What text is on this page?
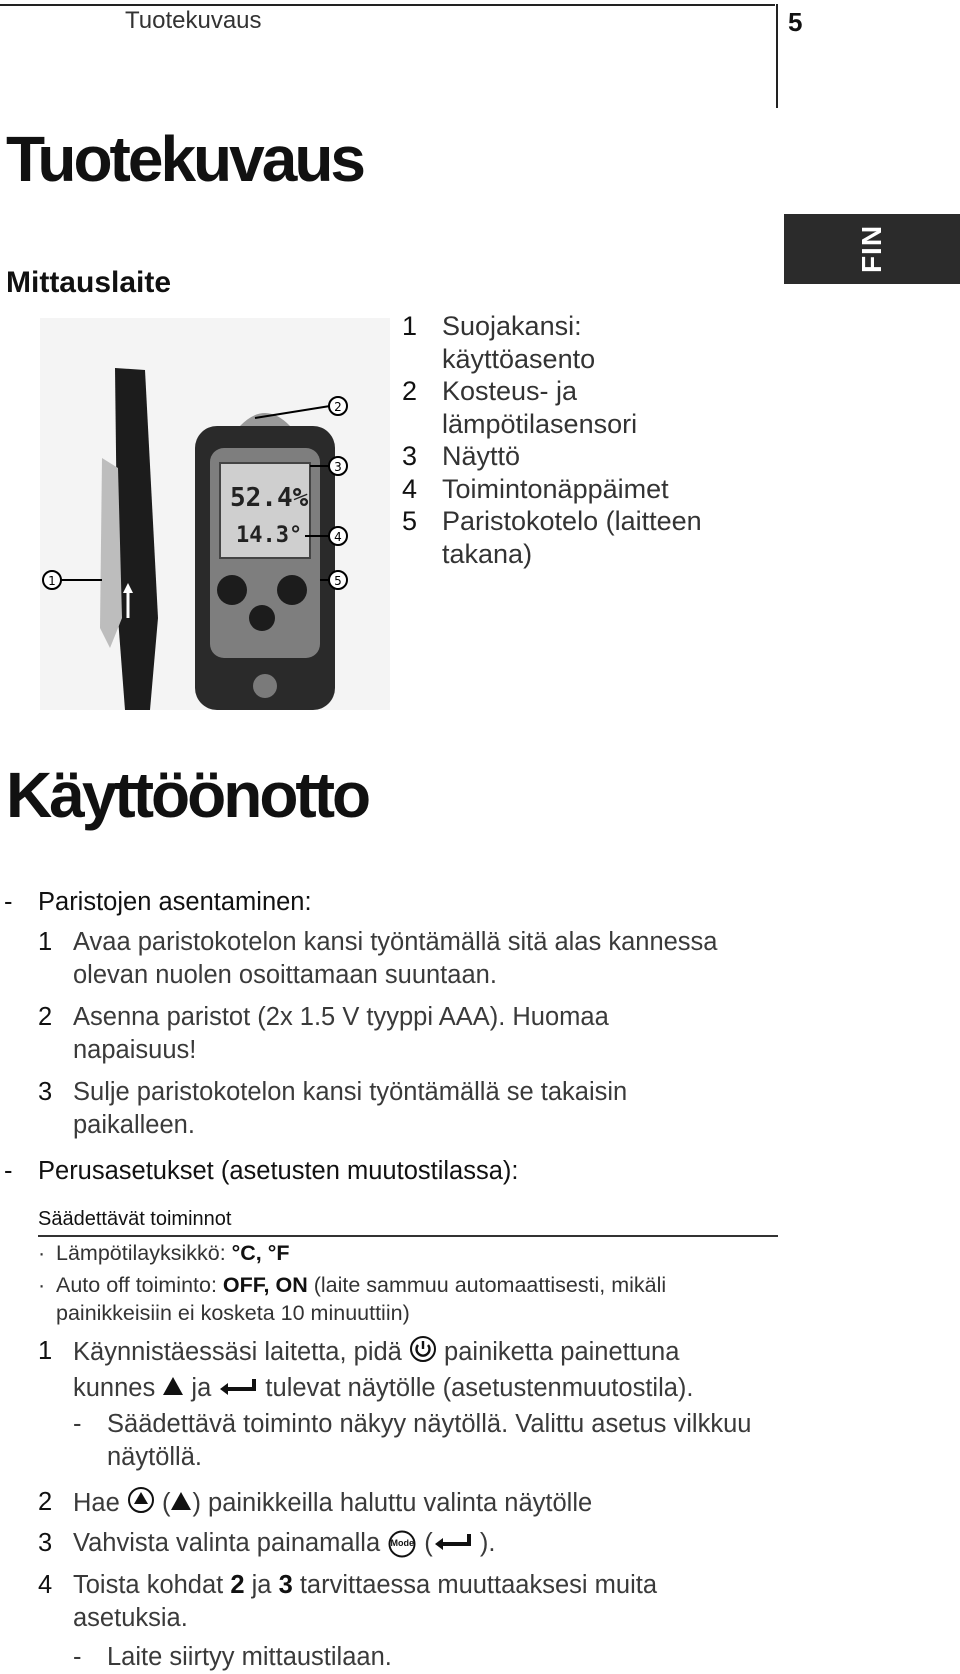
Tuotekuvaus	5
FIN
Tuotekuvaus
Mittauslaite
52.4%
14.3°
1
2
3
4
5
1 Suojakansi: käyttöasento
2 Kosteus- ja lämpötilasensori
3 Näyttö
4 Toimintonäppäimet
5 Paristokotelo (laitteen takana)
Käyttöönotto
- Paristojen asentaminen:
1 Avaa paristokotelon kansi työntämällä sitä alas kannessa olevan nuolen osoittamaan suuntaan.
2 Asenna paristot (2x 1.5 V tyyppi AAA). Huomaa napaisuus!
3 Sulje paristokotelon kansi työntämällä se takaisin paikalleen.
- Perusasetukset (asetusten muutostilassa):
Säädettävät toiminnot
· Lämpötilayksikkö: °C, °F
· Auto off toiminto: OFF, ON (laite sammuu automaattisesti, mikäli painikkeisiin ei kosketa 10 minuuttiin)
1 Käynnistäessäsi laitetta, pidä  painiketta painettuna kunnes  ja  tulevat näytölle (asetustenmuutostila).
- Säädettävä toiminto näkyy näytöllä. Valittu asetus vilkkuu näytöllä.
2 Hae  ( ) painikkeilla haluttu valinta näytölle
3 Vahvista valinta painamalla Mode ( ).
4 Toista kohdat 2 ja 3 tarvittaessa muuttaaksesi muita asetuksia.
- Laite siirtyy mittaustilaan.
